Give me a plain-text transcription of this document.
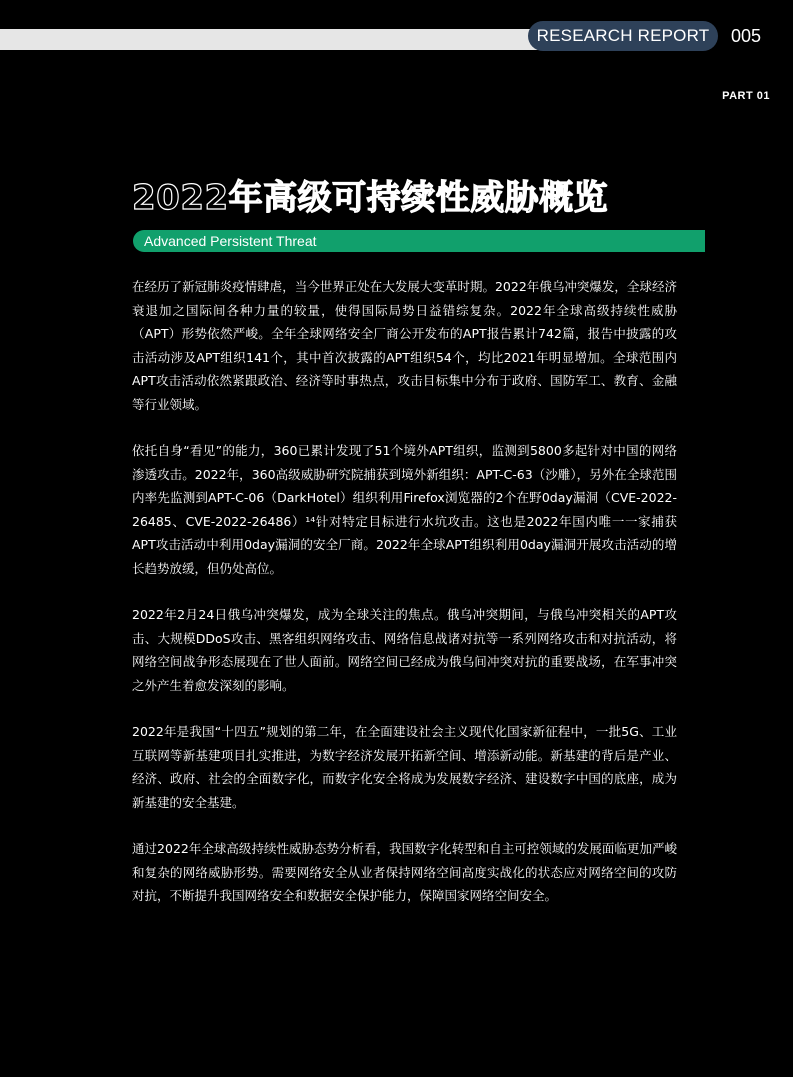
RESEARCH REPORT 005
PART 01
2022年高级可持续性威胁概览
Advanced Persistent Threat

在经历了新冠肺炎疫情肆虐，当今世界正处在大发展大变革时期。2022年俄乌冲突爆发，全球经济衰退加之国际间各种力量的较量，使得国际局势日益错综复杂。2022年全球高级持续性威胁（APT）形势依然严峻。全年全球网络安全厂商公开发布的APT报告累计742篇，报告中披露的攻击活动涉及APT组织141个，其中首次披露的APT组织54个，均比2021年明显增加。全球范围内APT攻击活动依然紧跟政治、经济等时事热点，攻击目标集中分布于政府、国防军工、教育、金融等行业领域。

依托自身“看见”的能力，360已累计发现了51个境外APT组织，监测到5800多起针对中国的网络渗透攻击。2022年，360高级威胁研究院捕获到境外新组织：APT-C-63（沙雕），另外在全球范围内率先监测到APT-C-06（DarkHotel）组织利用Firefox浏览器的2个在野0day漏洞（CVE-2022-26485、CVE-2022-26486）¹⁴针对特定目标进行水坑攻击。这也是2022年国内唯一一家捕获APT攻击活动中利用0day漏洞的安全厂商。2022年全球APT组织利用0day漏洞开展攻击活动的增长趋势放缓，但仍处高位。

2022年2月24日俄乌冲突爆发，成为全球关注的焦点。俄乌冲突期间，与俄乌冲突相关的APT攻击、大规模DDoS攻击、黑客组织网络攻击、网络信息战诸对抗等一系列网络攻击和对抗活动，将网络空间战争形态展现在了世人面前。网络空间已经成为俄乌间冲突对抗的重要战场，在军事冲突之外产生着愈发深刻的影响。

2022年是我国“十四五”规划的第二年，在全面建设社会主义现代化国家新征程中，一批5G、工业互联网等新基建项目扎实推进，为数字经济发展开拓新空间、增添新动能。新基建的背后是产业、经济、政府、社会的全面数字化，而数字化安全将成为发展数字经济、建设数字中国的底座，成为新基建的安全基建。

通过2022年全球高级持续性威胁态势分析看，我国数字化转型和自主可控领域的发展面临更加严峻和复杂的网络威胁形势。需要网络安全从业者保持网络空间高度实战化的状态应对网络空间的攻防对抗，不断提升我国网络安全和数据安全保护能力，保障国家网络空间安全。
